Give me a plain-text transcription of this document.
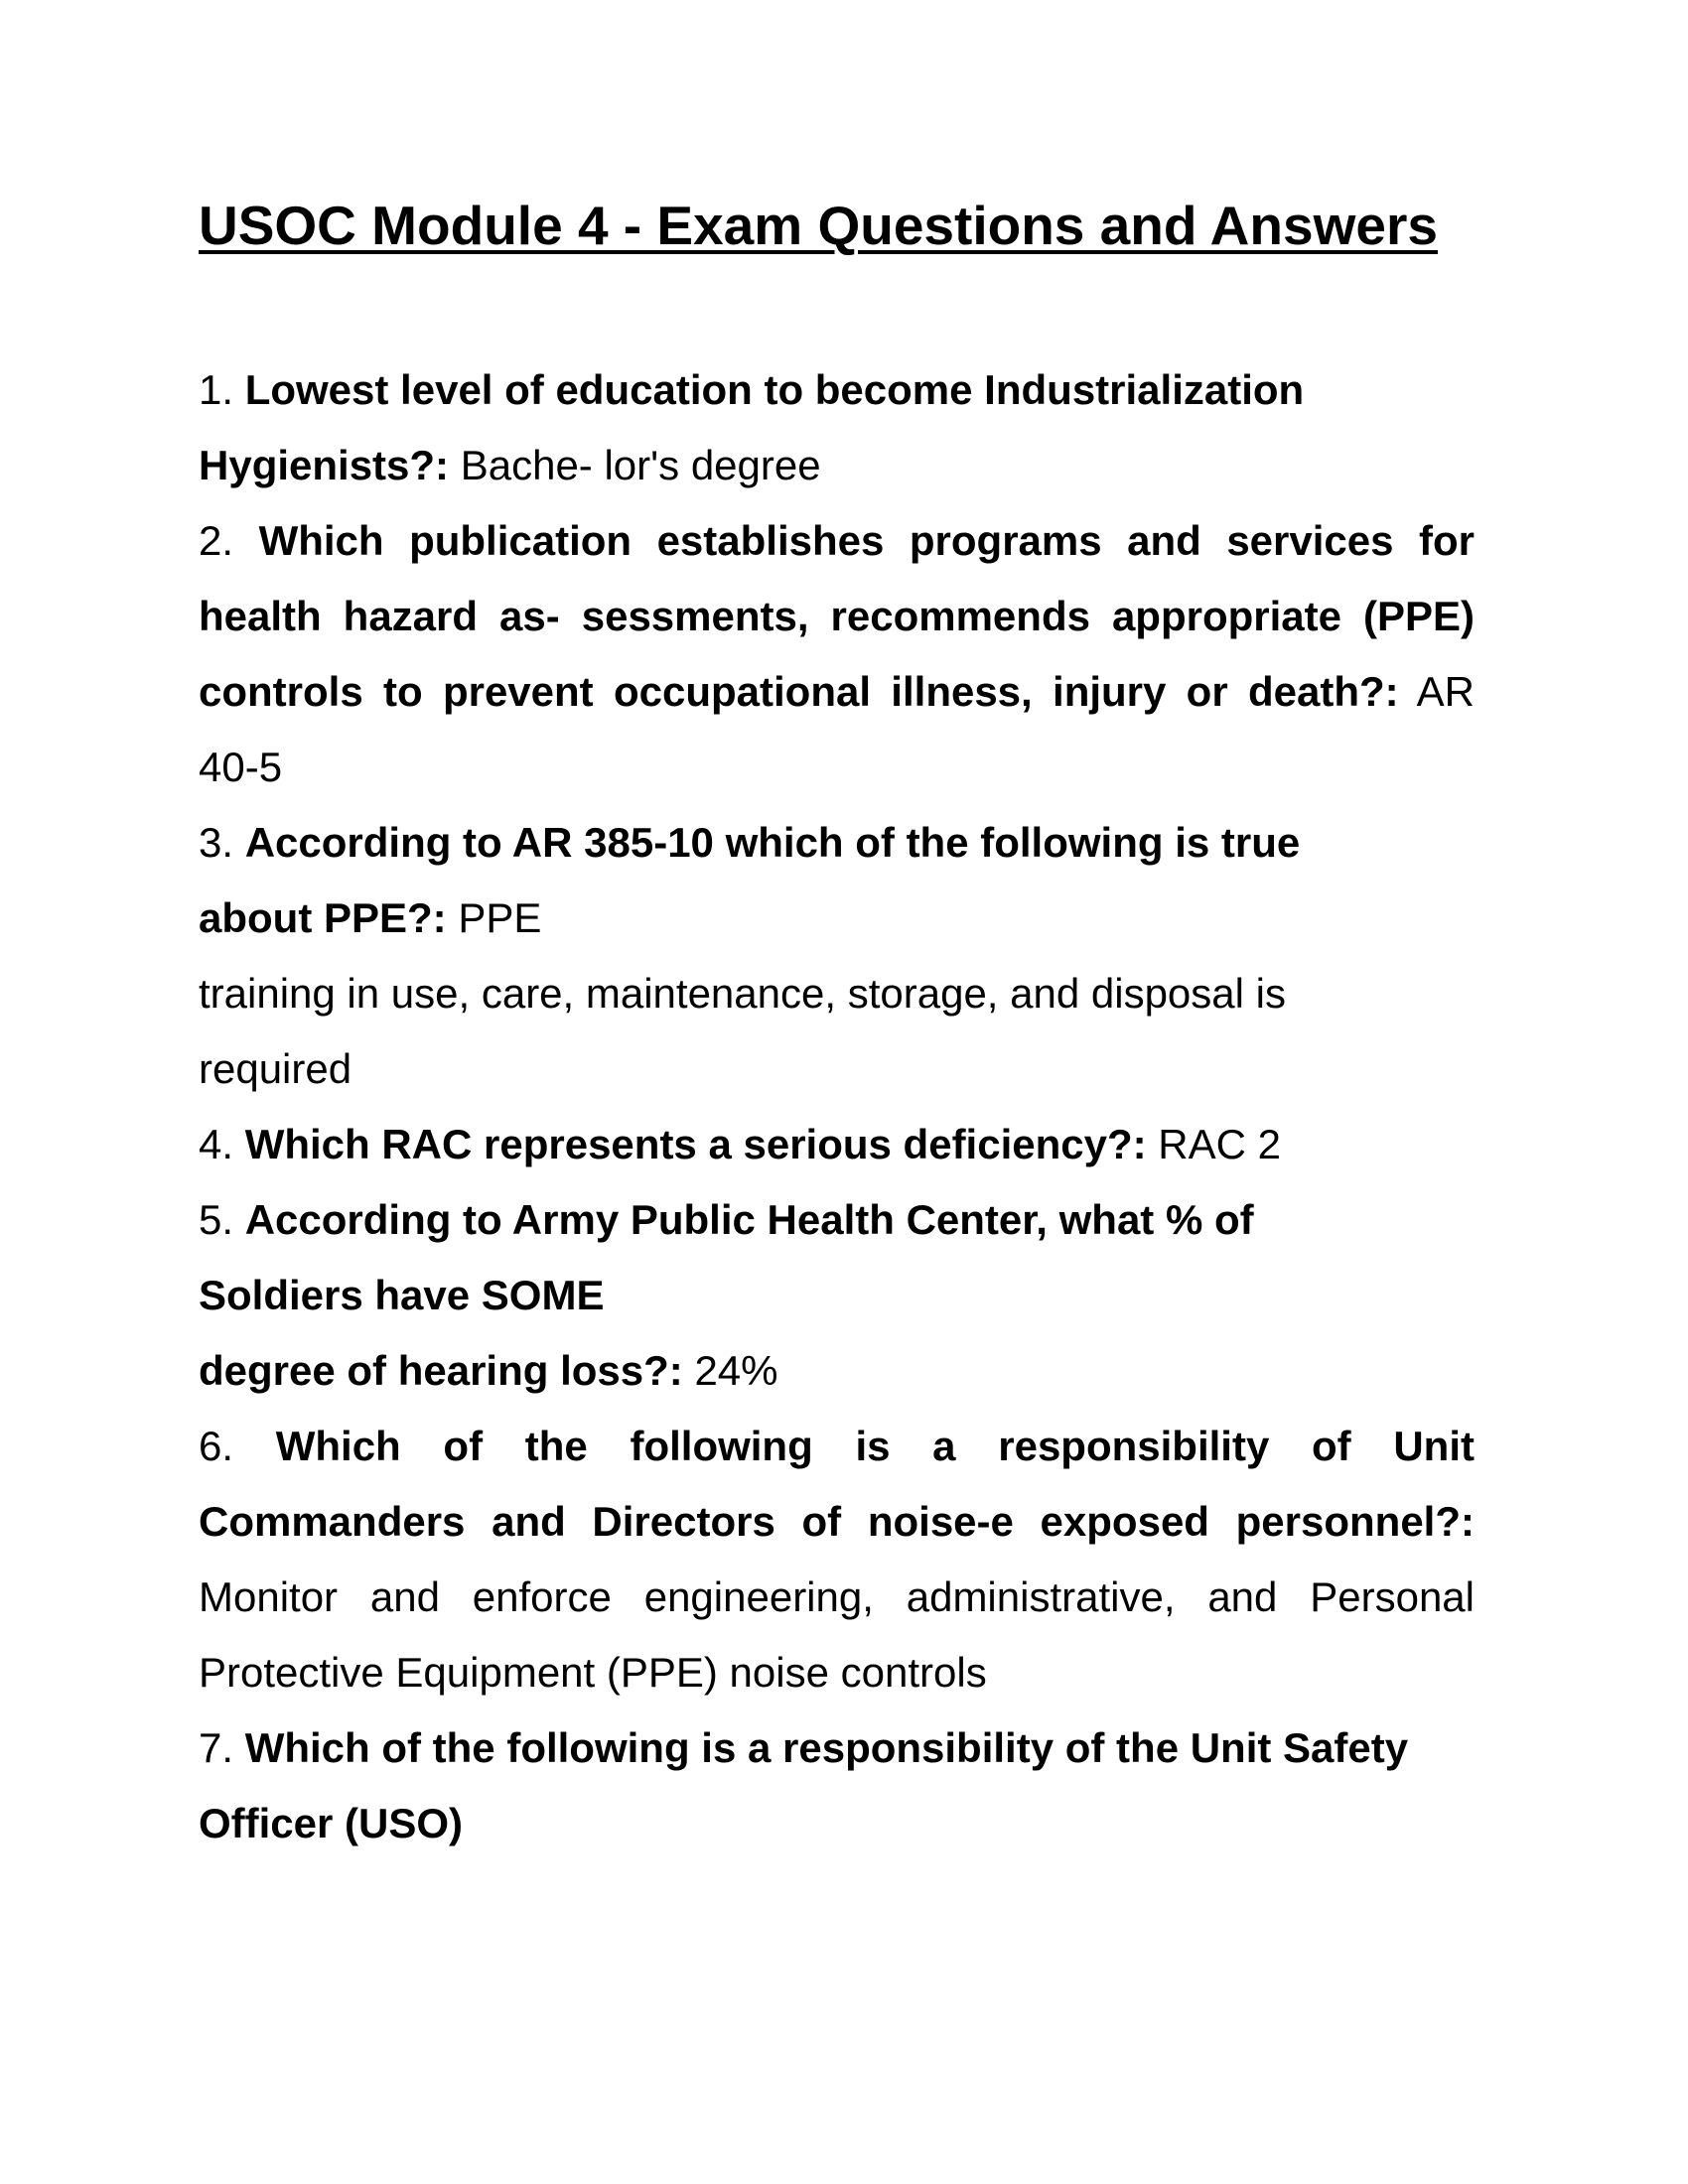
USOC Module 4 - Exam Questions and Answers
1. Lowest level of education to become Industrialization
Hygienists?: Bache- lor's degree
2. Which publication establishes programs and services for
health hazard as- sessments, recommends appropriate (PPE)
controls to prevent occupational illness, injury or death?: AR
40-5
3. According to AR 385-10 which of the following is true
about PPE?: PPE
training in use, care, maintenance, storage, and disposal is
required
4. Which RAC represents a serious deficiency?: RAC 2
5. According to Army Public Health Center, what % of
Soldiers have SOME
degree of hearing loss?: 24%
6. Which of the following is a responsibility of Unit
Commanders and Directors of noise-e exposed personnel?:
Monitor and enforce engineering, administrative, and Personal
Protective Equipment (PPE) noise controls
7. Which of the following is a responsibility of the Unit Safety
Officer (USO)
